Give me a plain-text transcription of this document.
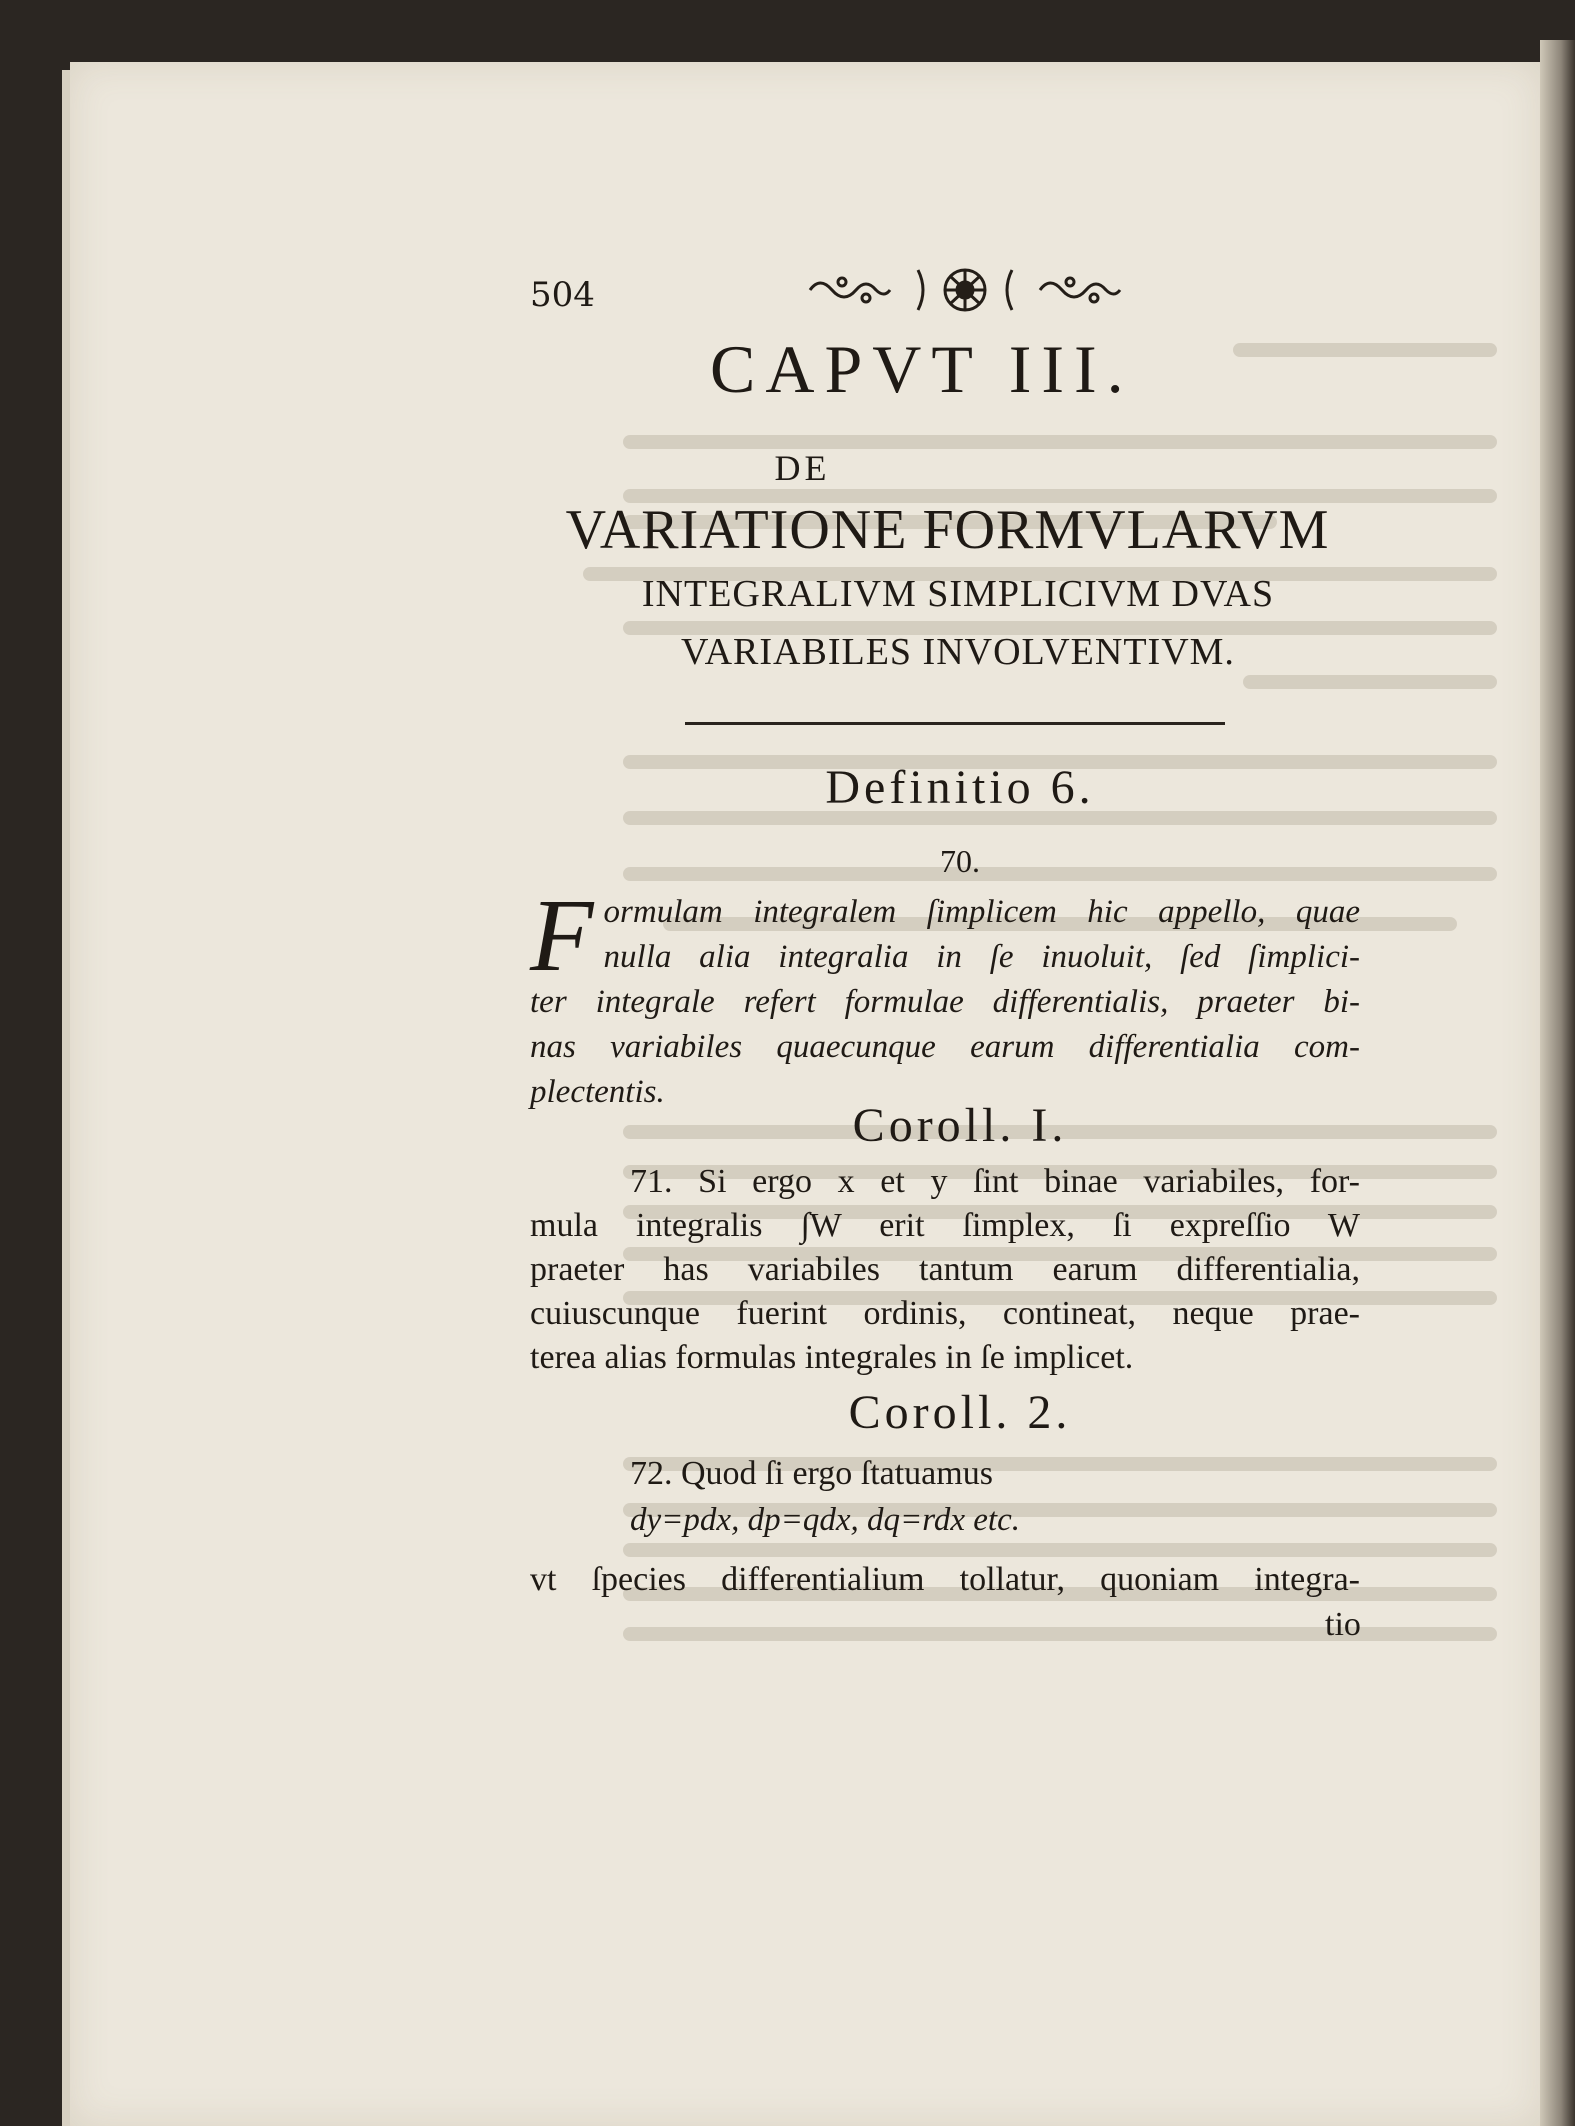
504
CAPVT III.
DE
VARIATIONE FORMVLARVM
INTEGRALIVM SIMPLICIVM DVAS
VARIABILES INVOLVENTIVM.
Definitio 6.
70.
F ormulam integralem ſimplicem hic appello, quae
nulla alia integralia in ſe inuoluit, ſed ſimplici-
ter integrale refert formulae differentialis, praeter bi-
nas variabiles quaecunque earum differentialia com-
plectentis.
Coroll. I.
71. Si ergo x et y ſint binae variabiles, for-
mula integralis ∫W erit ſimplex, ſi expreſſio W
praeter has variabiles tantum earum differentialia,
cuiuscunque fuerint ordinis, contineat, neque prae-
terea alias formulas integrales in ſe implicet.
Coroll. 2.
72. Quod ſi ergo ſtatuamus
dy=pdx, dp=qdx, dq=rdx etc.
vt ſpecies differentialium tollatur, quoniam integra-
tio
